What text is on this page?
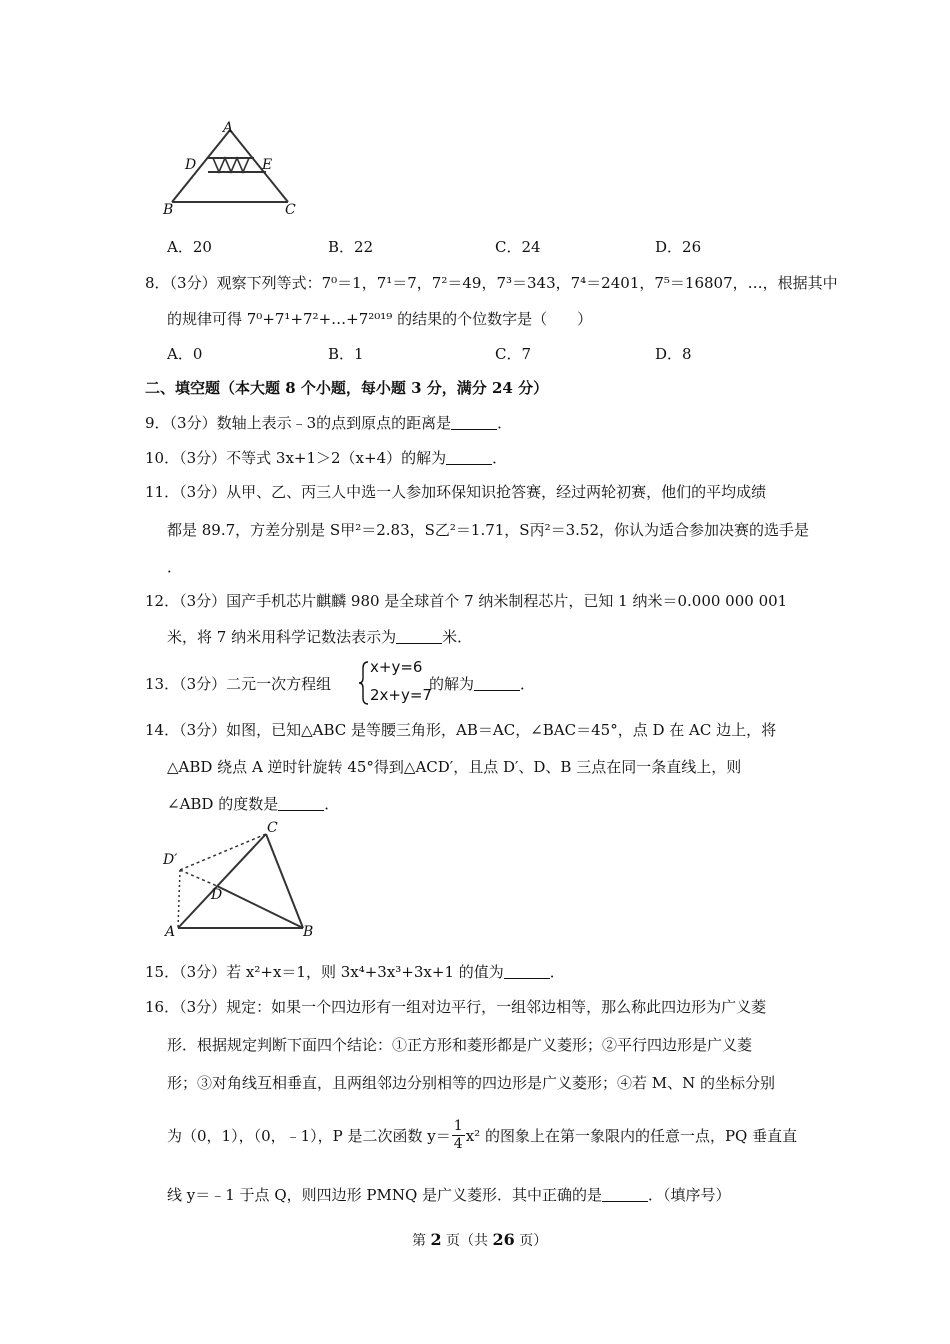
A
D	E
B	C
A．20	B．22	C．24	D．26
8．（3分）观察下列等式：7⁰＝1，7¹＝7，7²＝49，7³＝343，7⁴＝2401，7⁵＝16807，…，根据其中
的规律可得 7⁰+7¹+7²+…+7²⁰¹⁹ 的结果的个位数字是（　　）
A．0	B．1	C．7	D．8
二、填空题（本大题 8 个小题，每小题 3 分，满分 24 分）
9．（3分）数轴上表示﹣3的点到原点的距离是	．
10．（3分）不等式 3x+1＞2（x+4）的解为	．
11．（3分）从甲、乙、丙三人中选一人参加环保知识抢答赛，经过两轮初赛，他们的平均成绩
都是 89.7，方差分别是 S甲²＝2.83，S乙²＝1.71，S丙²＝3.52，你认为适合参加决赛的选手是
．
12．（3分）国产手机芯片麒麟 980 是全球首个 7 纳米制程芯片，已知 1 纳米＝0.000 000 001
米，将 7 纳米用科学记数法表示为	米．
13．（3分）二元一次方程组
x+y=6
2x+y=7
的解为	．
14．（3分）如图，已知△ABC 是等腰三角形，AB＝AC，∠BAC＝45°，点 D 在 AC 边上，将
△ABD 绕点 A 逆时针旋转 45°得到△ACD′，且点 D′、D、B 三点在同一条直线上，则
∠ABD 的度数是	．
C
D′
D
A	B
15．（3分）若 x²+x＝1，则 3x⁴+3x³+3x+1 的值为	．
16．（3分）规定：如果一个四边形有一组对边平行，一组邻边相等，那么称此四边形为广义菱
形．根据规定判断下面四个结论：①正方形和菱形都是广义菱形；②平行四边形是广义菱
形；③对角线互相垂直，且两组邻边分别相等的四边形是广义菱形；④若 M、N 的坐标分别
为（0，1），（0，﹣1），P 是二次函数 $y= \frac{1}{4} x^2$ 的图象上在第一象限内的任意一点，PQ 垂直直
线 y＝﹣1 于点 Q，则四边形 PMNQ 是广义菱形．其中正确的是	．（填序号）
第 2 页（共 26 页）
